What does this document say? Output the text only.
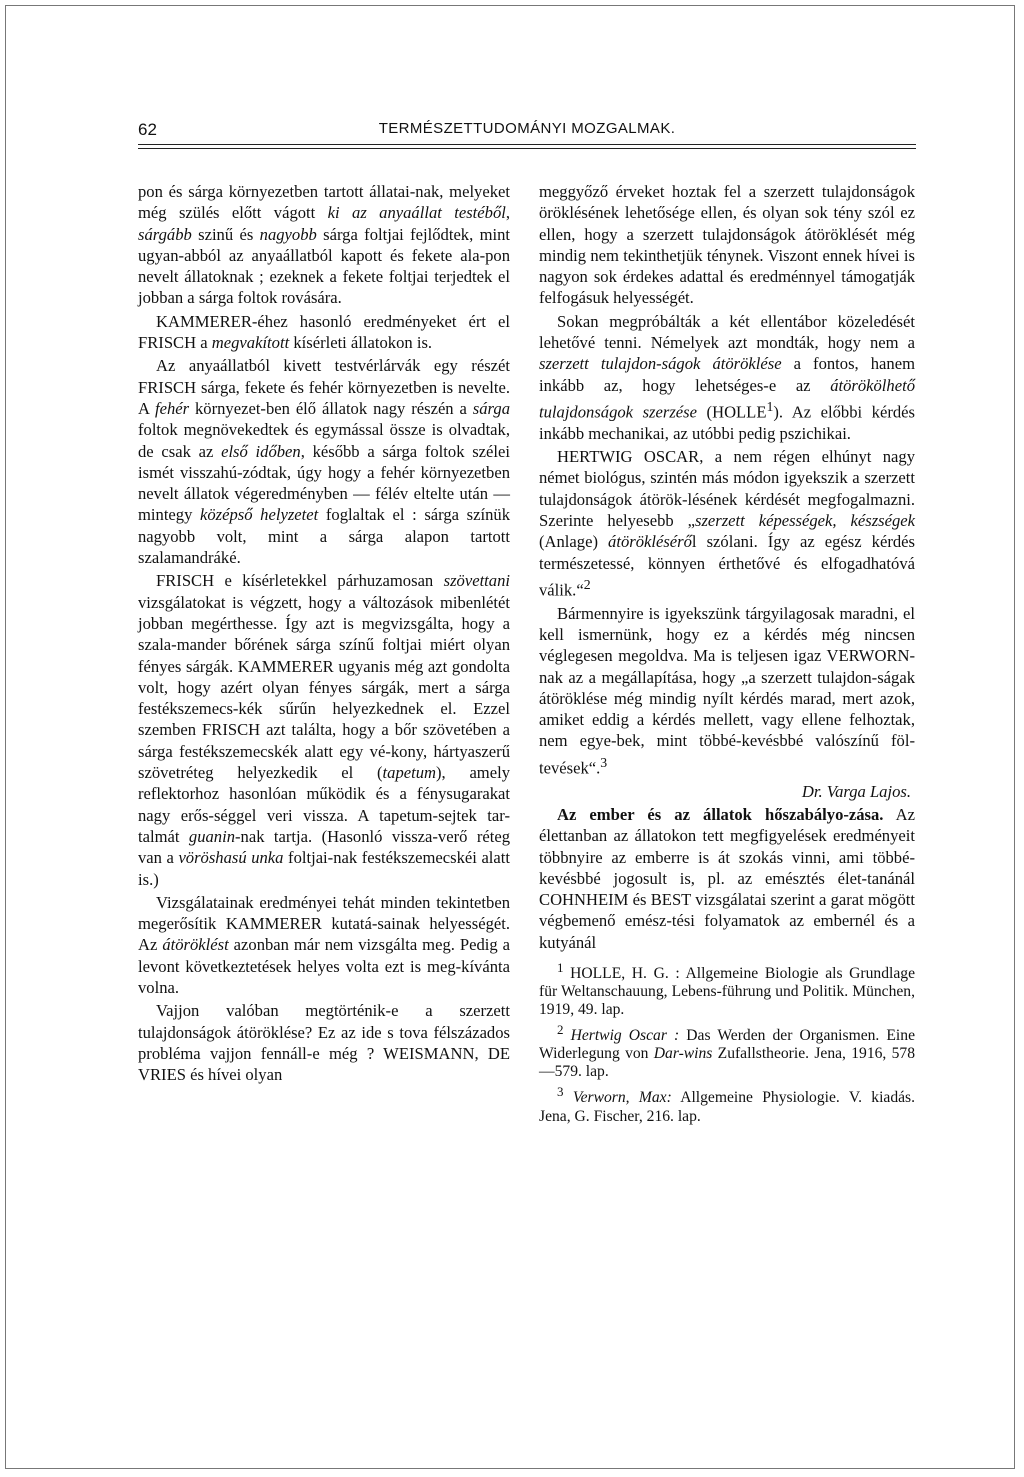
62	TERMÉSZETTUDOMÁNYI MOZGALMAK.

pon és sárga környezetben tartott állatai-nak, melyeket még szülés előtt vágott ki az anyaállat testéből, sárgább szinű és nagyobb sárga foltjai fejlődtek, mint ugyan-abból az anyaállatból kapott és fekete ala-pon nevelt állatoknak ; ezeknek a fekete foltjai terjedtek el jobban a sárga foltok rovására.

KAMMERER-éhez hasonló eredményeket ért el FRISCH a megvakított kísérleti állatokon is.

Az anyaállatból kivett testvérlárvák egy részét FRISCH sárga, fekete és fehér környezetben is nevelte. A fehér környezet-ben élő állatok nagy részén a sárga foltok megnövekedtek és egymással össze is olvadtak, de csak az első időben, később a sárga foltok szélei ismét visszahú-zódtak, úgy hogy a fehér környezetben nevelt állatok végeredményben — félév eltelte után — mintegy középső helyzetet foglaltak el : sárga színük nagyobb volt, mint a sárga alapon tartott szalamandráké.

FRISCH e kísérletekkel párhuzamosan szövettani vizsgálatokat is végzett, hogy a változások mibenlétét jobban megérthesse. Így azt is megvizsgálta, hogy a szala-mander bőrének sárga színű foltjai miért olyan fényes sárgák. KAMMERER ugyanis még azt gondolta volt, hogy azért olyan fényes sárgák, mert a sárga festékszemecs-kék sűrűn helyezkednek el. Ezzel szemben FRISCH azt találta, hogy a bőr szövetében a sárga festékszemecskék alatt egy vé-kony, hártyaszerű szövetréteg helyezkedik el (tapetum), amely reflektorhoz hasonlóan működik és a fénysugarakat nagy erős-séggel veri vissza. A tapetum-sejtek tar-talmát guanin-nak tartja. (Hasonló vissza-verő réteg van a vöröshasú unka foltjai-nak festékszemecskéi alatt is.)

Vizsgálatainak eredményei tehát minden tekintetben megerősítik KAMMERER kutatá-sainak helyességét. Az átöröklést azonban már nem vizsgálta meg. Pedig a levont következtetések helyes volta ezt is meg-kívánta volna.

Vajjon valóban megtörténik-e a szerzett tulajdonságok átöröklése? Ez az ide s tova félszázados probléma vajjon fennáll-e még ? WEISMANN, DE VRIES és hívei olyan

meggyőző érveket hoztak fel a szerzett tulajdonságok öröklésének lehetősége ellen, és olyan sok tény szól ez ellen, hogy a szerzett tulajdonságok átöröklését még mindig nem tekinthetjük ténynek. Viszont ennek hívei is nagyon sok érdekes adattal és eredménnyel támogatják felfogásuk helyességét.

Sokan megpróbálták a két ellentábor közeledését lehetővé tenni. Némelyek azt mondták, hogy nem a szerzett tulajdon-ságok átöröklése a fontos, hanem inkább az, hogy lehetséges-e az átörökölhető tulajdonságok szerzése (HOLLE$^1$). Az előbbi kérdés inkább mechanikai, az utóbbi pedig pszichikai.

HERTWIG OSCAR, a nem régen elhúnyt nagy német biológus, szintén más módon igyekszik a szerzett tulajdonságok átörök-lésének kérdését megfogalmazni. Szerinte helyesebb „szerzett képességek, készségek (Anlage) átörökléséről szólani. Így az egész kérdés természetessé, könnyen érthetővé és elfogadhatóvá válik.“$^2$

Bármennyire is igyekszünk tárgyilagosak maradni, el kell ismernünk, hogy ez a kérdés még nincsen véglegesen megoldva. Ma is teljesen igaz VERWORN-nak az a megállapítása, hogy „a szerzett tulajdon-ságak átöröklése még mindig nyílt kérdés marad, mert azok, amiket eddig a kérdés mellett, vagy ellene felhoztak, nem egye-bek, mint többé-kevésbbé valószínű föl-tevések“.$^3$

Dr. Varga Lajos.

Az ember és az állatok hőszabályo-zása. Az élettanban az állatokon tett megfigyelések eredményeit többnyire az emberre is át szokás vinni, ami többé-kevésbbé jogosult is, pl. az emésztés élet-tanánál COHNHEIM és BEST vizsgálatai szerint a garat mögött végbemenő emész-tési folyamatok az embernél és a kutyánál

$^1$ HOLLE, H. G. : Allgemeine Biologie als Grundlage für Weltanschauung, Lebens-führung und Politik. München, 1919, 49. lap.

$^2$ Hertwig Oscar : Das Werden der Organismen. Eine Widerlegung von Dar-wins Zufallstheorie. Jena, 1916, 578—579. lap.

$^3$ Verworn, Max: Allgemeine Physiologie. V. kiadás. Jena, G. Fischer, 216. lap.
